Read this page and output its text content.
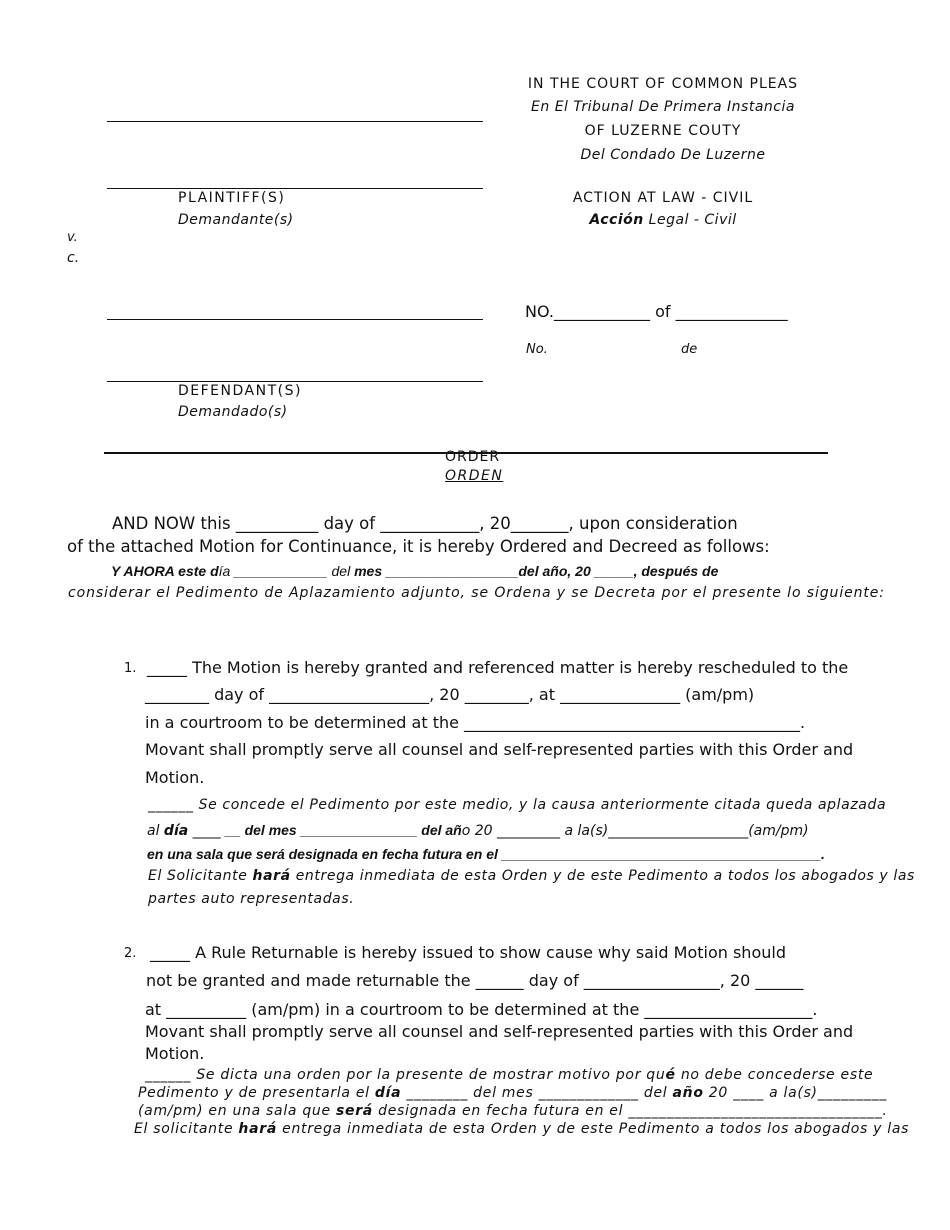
IN THE COURT OF COMMON PLEAS
En El Tribunal De Primera Instancia
OF LUZERNE COUTY
Del Condado De Luzerne
ACTION AT LAW - CIVIL
Acción Legal - Civil
PLAINTIFF(S)
Demandante(s)
v.
c.
DEFENDANT(S)
Demandado(s)
NO.____________ of ______________
No.	de
ORDER
ORDEN
AND NOW this __________ day of ____________, 20_______, upon consideration
of the attached Motion for Continuance, it is hereby Ordered and Decreed as follows:
Y AHORA este día ____________ del mes _________________del año, 20 _____, después de
considerar el Pedimento de Aplazamiento adjunto, se Ordena y se Decreta por el presente lo siguiente:
1. _____ The Motion is hereby granted and referenced matter is hereby rescheduled to the
________ day of ____________________, 20 ________, at _______________ (am/pm)
in a courtroom to be determined at the __________________________________________.
Movant shall promptly serve all counsel and self-represented parties with this Order and
Motion.
______ Se concede el Pedimento por este medio, y la causa anteriormente citada queda aplazada
al día ____ __ del mes _______________ del año 20 _________ a la(s)____________________(am/pm)
en una sala que será designada en fecha futura en el _________________________________________.
El Solicitante hará entrega inmediata de esta Orden y de este Pedimento a todos los abogados y las
partes auto representadas.
2. _____ A Rule Returnable is hereby issued to show cause why said Motion should
not be granted and made returnable the ______ day of _________________, 20 ______
at __________ (am/pm) in a courtroom to be determined at the _____________________.
Movant shall promptly serve all counsel and self-represented parties with this Order and
Motion.
______ Se dicta una orden por la presente de mostrar motivo por qué no debe concederse este
Pedimento y de presentarla el día ________ del mes _____________ del año 20 ____ a la(s)_________
(am/pm) en una sala que será designada en fecha futura en el _________________________________.
El solicitante hará entrega inmediata de esta Orden y de este Pedimento a todos los abogados y las
